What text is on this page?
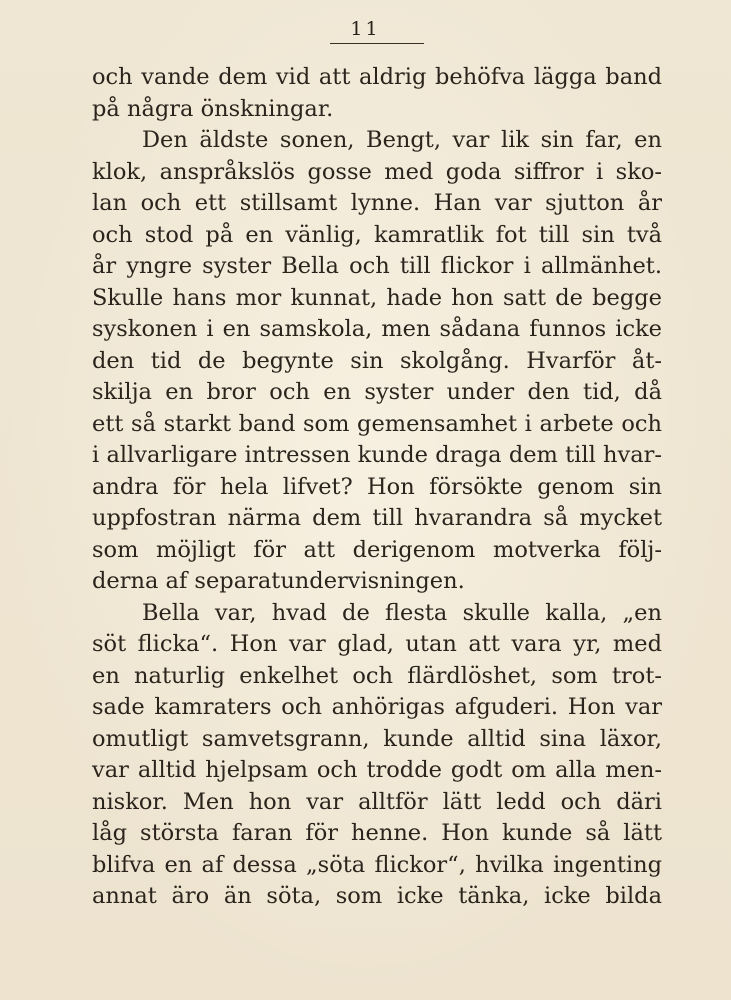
11
och vande dem vid att aldrig behöfva lägga band
på några önskningar.
Den äldste sonen, Bengt, var lik sin far, en
klok, anspråkslös gosse med goda siffror i sko-
lan och ett stillsamt lynne. Han var sjutton år
och stod på en vänlig, kamratlik fot till sin två
år yngre syster Bella och till flickor i allmänhet.
Skulle hans mor kunnat, hade hon satt de begge
syskonen i en samskola, men sådana funnos icke
den tid de begynte sin skolgång. Hvarför åt-
skilja en bror och en syster under den tid, då
ett så starkt band som gemensamhet i arbete och
i allvarligare intressen kunde draga dem till hvar-
andra för hela lifvet? Hon försökte genom sin
uppfostran närma dem till hvarandra så mycket
som möjligt för att derigenom motverka följ-
derna af separatundervisningen.
Bella var, hvad de flesta skulle kalla, „en
söt flicka“. Hon var glad, utan att vara yr, med
en naturlig enkelhet och flärdlöshet, som trot-
sade kamraters och anhörigas afguderi. Hon var
omutligt samvetsgrann, kunde alltid sina läxor,
var alltid hjelpsam och trodde godt om alla men-
niskor. Men hon var alltför lätt ledd och däri
låg största faran för henne. Hon kunde så lätt
blifva en af dessa „söta flickor“, hvilka ingenting
annat äro än söta, som icke tänka, icke bilda
